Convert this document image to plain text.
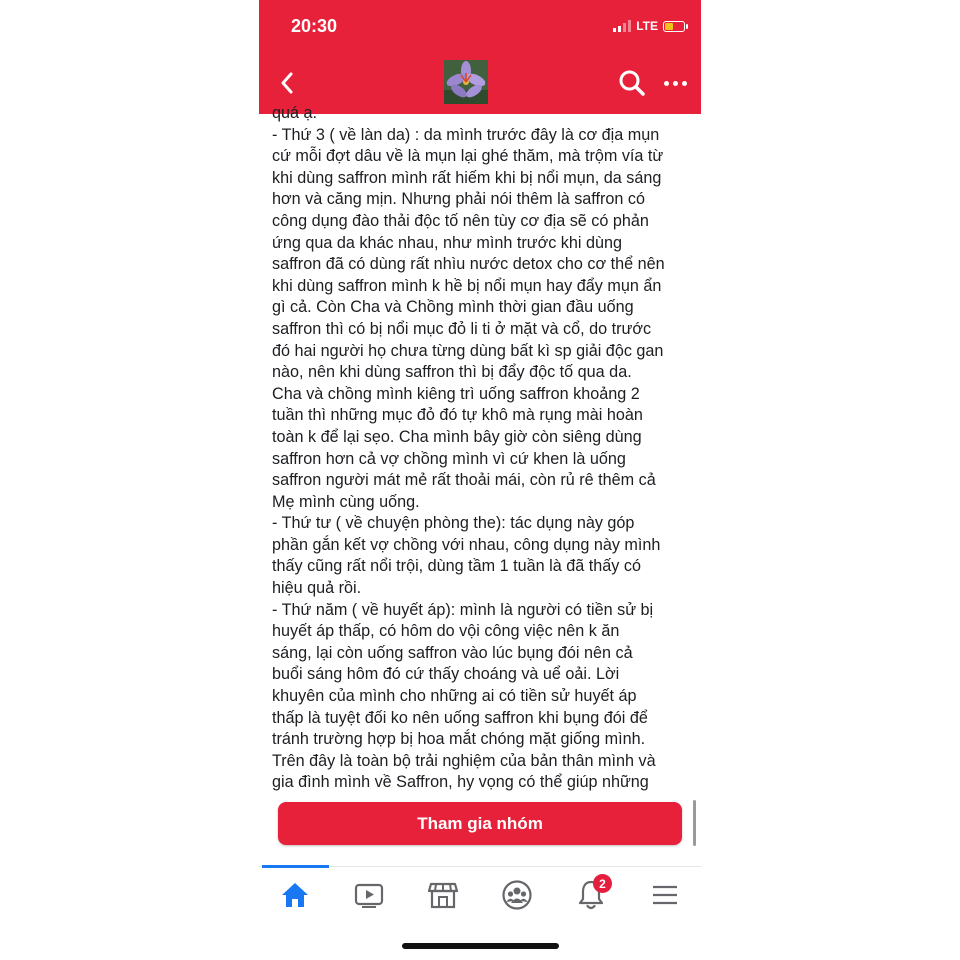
20:30	LTE

quá ạ.

- Thứ 3 ( về làn da) : da mình trước đây là cơ địa mụn

cứ mỗi đợt dâu về là mụn lại ghé thăm, mà trộm vía từ

khi dùng saffron mình rất hiếm khi bị nổi mụn, da sáng

hơn và căng mịn. Nhưng phải nói thêm là saffron có

công dụng đào thải độc tố nên tùy cơ địa sẽ có phản

ứng qua da khác nhau, như mình trước khi dùng

saffron đã có dùng rất nhìu nước detox cho cơ thể nên

khi dùng saffron mình k hề bị nổi mụn hay đẩy mụn ẩn

gì cả. Còn Cha và Chồng mình thời gian đầu uống

saffron thì có bị nổi mục đỏ li ti ở mặt và cổ, do trước

đó hai người họ chưa từng dùng bất kì sp giải độc gan

nào, nên khi dùng saffron thì bị đẩy độc tố qua da.

Cha và chồng mình kiêng trì uống saffron khoảng 2

tuần thì những mục đỏ đó tự khô mà rụng mài hoàn

toàn k để lại sẹo. Cha mình bây giờ còn siêng dùng

saffron hơn cả vợ chồng mình vì cứ khen là uống

saffron người mát mẻ rất thoải mái, còn rủ rê thêm cả

Mẹ mình cùng uống.

- Thứ tư ( về chuyện phòng the): tác dụng này góp

phần gắn kết vợ chồng với nhau, công dụng này mình

thấy cũng rất nổi trội, dùng tầm 1 tuần là đã thấy có

hiệu quả rồi.

- Thứ năm ( về huyết áp): mình là người có tiền sử bị

huyết áp thấp, có hôm do vội công việc nên k ăn

sáng, lại còn uống saffron vào lúc bụng đói nên cả

buổi sáng hôm đó cứ thấy choáng và uể oải. Lời

khuyên của mình cho những ai có tiền sử huyết áp

thấp là tuyệt đối ko nên uống saffron khi bụng đói để

tránh trường hợp bị hoa mắt chóng mặt giống mình.

Trên đây là toàn bộ trải nghiệm của bản thân mình và

gia đình mình về Saffron, hy vọng có thể giúp những

Tham gia nhóm
2
